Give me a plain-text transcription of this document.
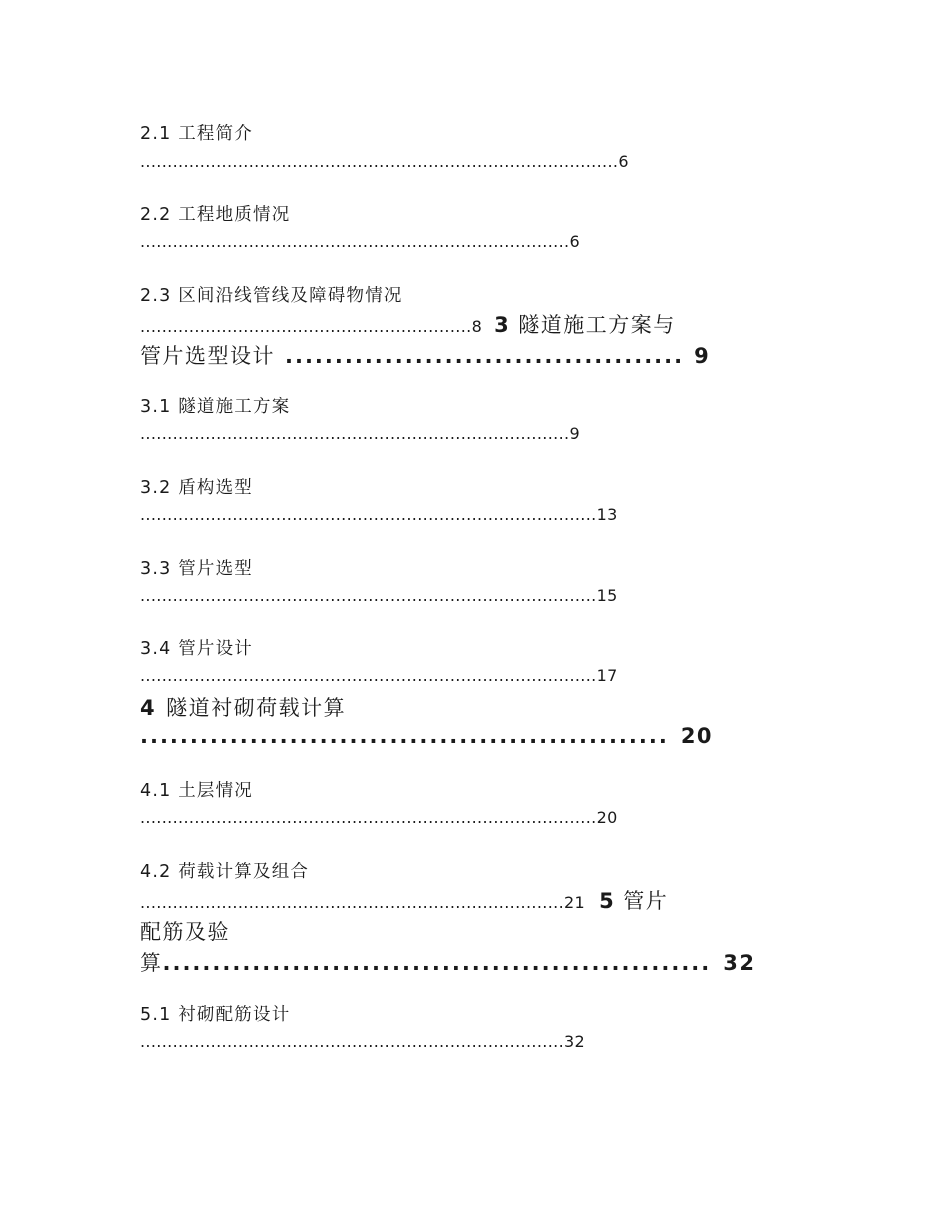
2.1 工程简介
........................................................................................6
2.2 工程地质情况
...............................................................................6
2.3 区间沿线管线及障碍物情况
.............................................................8 3 隧道施工方案与
管片选型设计 ........................................ 9
3.1 隧道施工方案
...............................................................................9
3.2 盾构选型
....................................................................................13
3.3 管片选型
....................................................................................15
3.4 管片设计
....................................................................................17
4 隧道衬砌荷载计算
..................................................... 20
4.1 土层情况
....................................................................................20
4.2 荷载计算及组合
..............................................................................21 5 管片
配筋及验
算....................................................... 32
5.1 衬砌配筋设计
..............................................................................32
